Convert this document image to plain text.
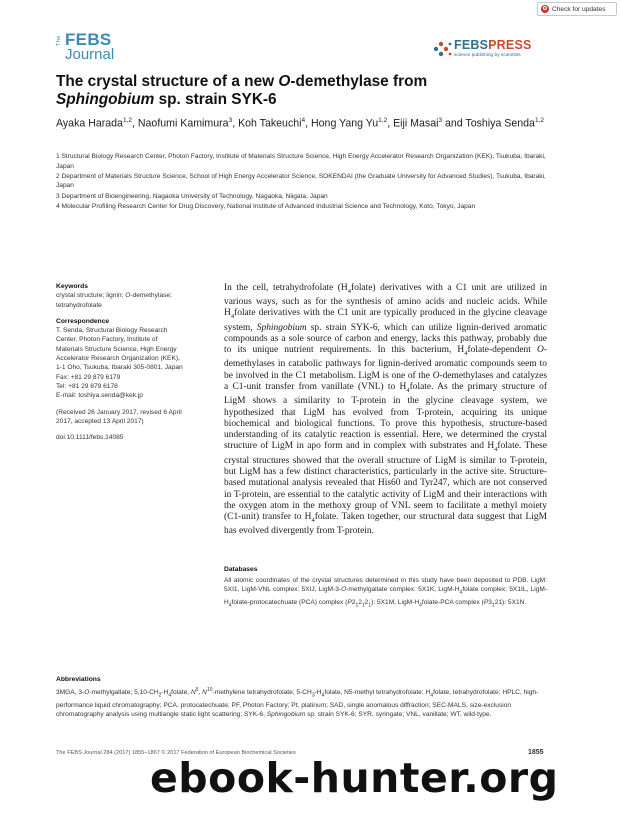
Check for updates
The FEBS
Journal
FEBSPRESS
science publishing by scientists
The crystal structure of a new O-demethylase from
Sphingobium sp. strain SYK-6
Ayaka Harada$^{1,2}$, Naofumi Kamimura$^3$, Koh Takeuchi$^4$, Hong Yang Yu$^{1,2}$, Eiji Masai$^3$ and Toshiya Senda$^{1,2}$

1 Structural Biology Research Center, Photon Factory, Institute of Materials Structure Science, High Energy Accelerator Research Organization (KEK), Tsukuba, Ibaraki, Japan

2 Department of Materials Structure Science, School of High Energy Accelerator Science, SOKENDAI (the Graduate University for Advanced Studies), Tsukuba, Ibaraki, Japan

3 Department of Bioengineering, Nagaoka University of Technology, Nagaoka, Niigata, Japan

4 Molecular Profiling Research Center for Drug Discovery, National Institute of Advanced Industrial Science and Technology, Koto, Tokyo, Japan

Keywords

crystal structure; lignin; O-demethylase;
tetrahydrofolate

Correspondence

T. Senda, Structural Biology Research
Center, Photon Factory, Institute of
Materials Structure Science, High Energy
Accelerator Research Organization (KEK),
1-1 Oho, Tsukuba, Ibaraki 305-0801, Japan
Fax: +81 29 879 6179
Tel: +81 29 879 6178
E-mail: toshiya.senda@kek.jp
(Received 26 January 2017, revised 6 April
2017, accepted 13 April 2017)
doi:10.1111/febs.14085
In the cell, tetrahydrofolate $(H_4folate)$ derivatives with a C1 unit are utilized in various ways, such as for the synthesis of amino acids and nucleic acids. While $H_4folate$ derivatives with the C1 unit are typically produced in the glycine cleavage system, Sphingobium sp. strain SYK-6, which can utilize lignin-derived aromatic compounds as a sole source of carbon and energy, lacks this pathway, probably due to its unique nutrient requirements. In this bacterium, $H_4folate$-dependent O-demethylases in catabolic pathways for lignin-derived aromatic compounds seem to be involved in the C1 metabolism. LigM is one of the O-demethylases and catalyzes a C1-unit transfer from vanillate (VNL) to $H_4folate$. As the primary structure of LigM shows a similarity to T-protein in the glycine cleavage system, we hypothesized that LigM has evolved from T-protein, acquiring its unique biochemical and biological functions. To prove this hypothesis, structure-based understanding of its catalytic reaction is essential. Here, we determined the crystal structure of LigM in apo form and in complex with substrates and $H_4folate$. These crystal structures showed that the overall structure of LigM is similar to T-protein, but LigM has a few distinct characteristics, particularly in the active site. Structure-based mutational analysis revealed that His60 and Tyr247, which are not conserved in T-protein, are essential to the catalytic activity of LigM and their interactions with the oxygen atom in the methoxy group of VNL seem to facilitate a methyl moiety (C1-unit) transfer to $H_4folate$. Taken together, our structural data suggest that LigM has evolved divergently from T-protein.
Databases
All atomic coordinates of the crystal structures determined in this study have been deposited to PDB. LigM: 5XI1, LigM-VNL complex: 5XIJ, LigM-3-O-methylgallate complex: 5X1K, LigM-$H_4folate$ complex: 5X1IL, LigM-$H_4folate$-protocatechuate (PCA) complex $(P2_12_12_1)$: 5X1M, LigM-$H_4folate$-PCA complex $(P3_121)$: 5X1N.
Abbreviations
3MGA, 3-O-methylgallate; $5,10-CH_2-H_4folate$, $N^5$, $N^{10}$-methylene tetrahydrofolate; $5-CH_3-H_4folate$, N5-methyl tetrahydrofolate; $H_4folate$, tetrahydrofolate; HPLC, high-performance liquid chromatography; PCA, protocatechuate; PF, Photon Factory; Pt, platinum; SAD, single anomalous diffraction; SEC-MALS, size-exclusion chromatography analysis using multiangle static light scattering; SYK-6, Sphingobium sp. strain SYK-6; SYR, syringate; VNL, vanillate; WT, wild-type.
The FEBS Journal 284 (2017) 1855–1867 © 2017 Federation of European Biochemical Societies	1855
ebook-hunter.org
